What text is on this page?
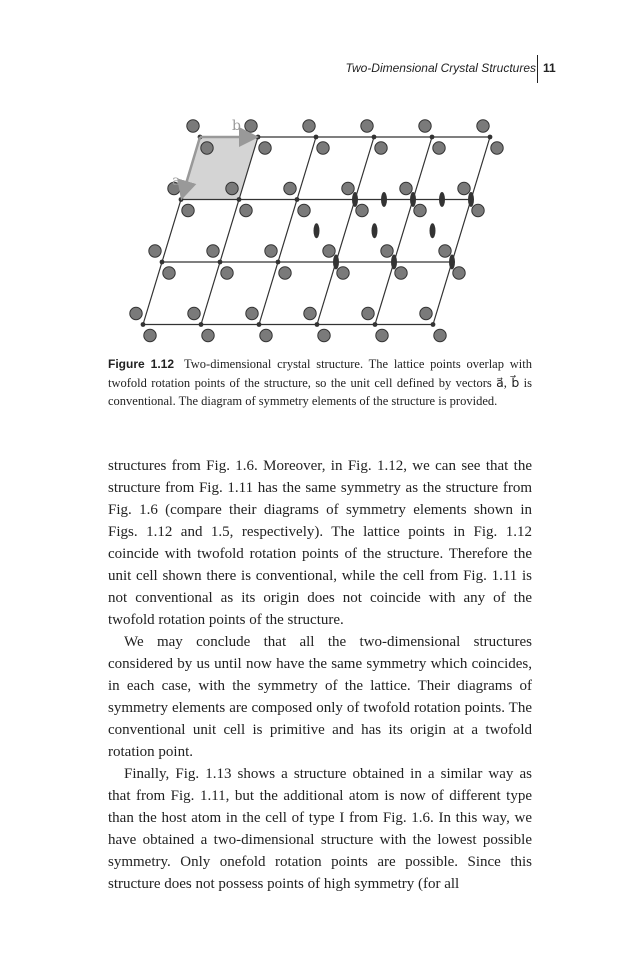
Two-Dimensional Crystal Structures 11
b
a
Figure 1.12 Two-dimensional crystal structure. The lattice points overlap with twofold rotation points of the structure, so the unit cell defined by vectors a⃗, b⃗ is conventional. The diagram of symmetry elements of the structure is provided.

structures from Fig. 1.6. Moreover, in Fig. 1.12, we can see that the structure from Fig. 1.11 has the same symmetry as the structure from Fig. 1.6 (compare their diagrams of symmetry elements shown in Figs. 1.12 and 1.5, respectively). The lattice points in Fig. 1.12 coincide with twofold rotation points of the structure. Therefore the unit cell shown there is conventional, while the cell from Fig. 1.11 is not conventional as its origin does not coincide with any of the twofold rotation points of the structure.

We may conclude that all the two-dimensional structures considered by us until now have the same symmetry which coincides, in each case, with the symmetry of the lattice. Their diagrams of symmetry elements are composed only of twofold rotation points. The conventional unit cell is primitive and has its origin at a twofold rotation point.

Finally, Fig. 1.13 shows a structure obtained in a similar way as that from Fig. 1.11, but the additional atom is now of different type than the host atom in the cell of type I from Fig. 1.6. In this way, we have obtained a two-dimensional structure with the lowest possible symmetry. Only onefold rotation points are possible. Since this structure does not possess points of high symmetry (for all
